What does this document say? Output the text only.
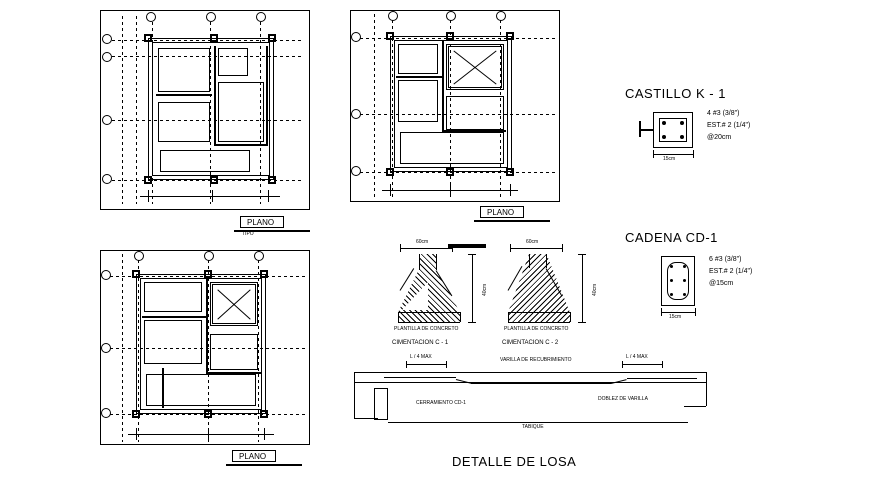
PLANO
TIPO
PLANO
PLANO
CASTILLO K - 1
15cm
4 #3 (3/8")
EST.# 2 (1/4")
@20cm
CADENA CD-1
15cm
6 #3 (3/8")
EST.# 2 (1/4")
@15cm
60cm
40cm
PLANTILLA DE CONCRETO
CIMENTACION C - 1
60cm
40cm
PLANTILLA DE CONCRETO
CIMENTACION C - 2
L / 4 MAX	L / 4 MAX
VARILLA DE RECUBRIMIENTO
CERRAMIENTO CD-1
DOBLEZ DE VARILLA
TABIQUE
DETALLE DE LOSA
